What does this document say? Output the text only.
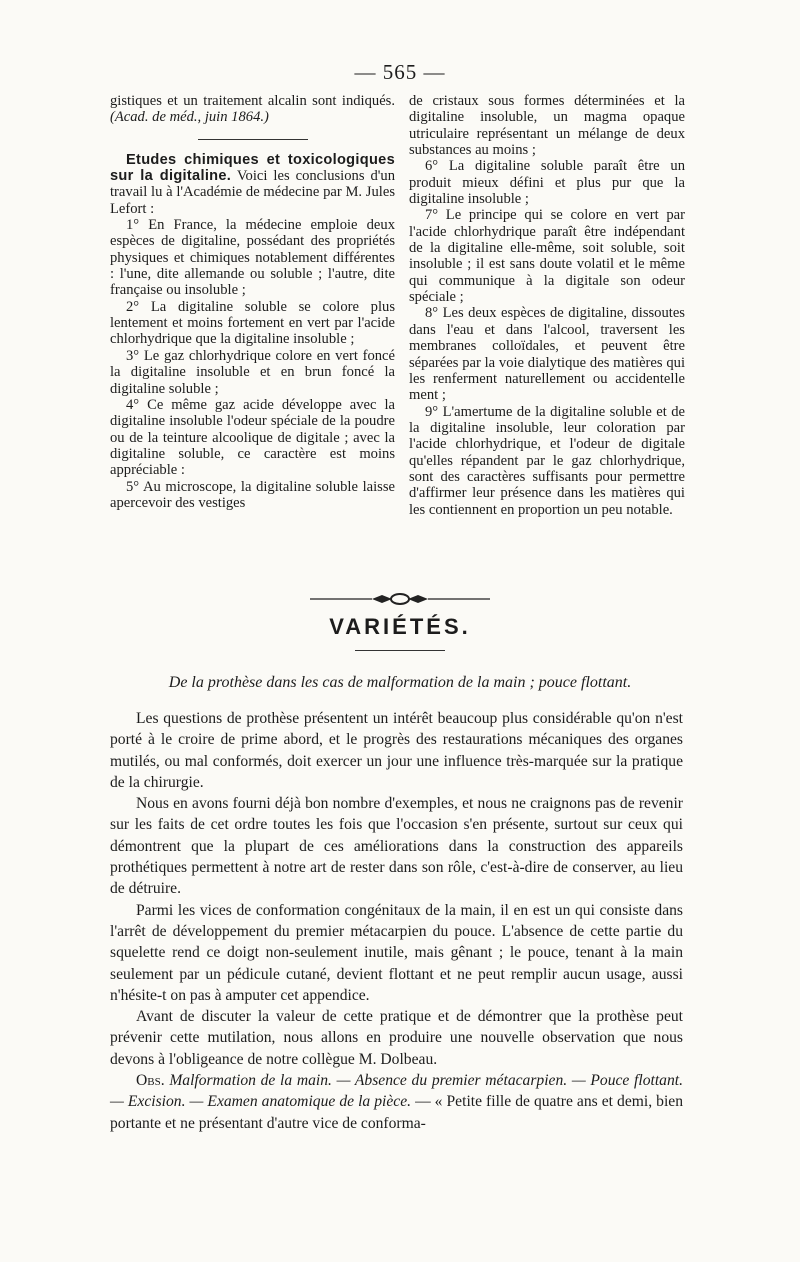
— 565 —

gistiques et un traitement alcalin sont indiqués. (Acad. de méd., juin 1864.)

Etudes chimiques et toxicologiques sur la digitaline. Voici les conclusions d'un travail lu à l'Académie de médecine par M. Jules Lefort :

1° En France, la médecine emploie deux espèces de digitaline, possédant des propriétés physiques et chimiques notablement différentes : l'une, dite allemande ou soluble ; l'autre, dite française ou insoluble ;

2° La digitaline soluble se colore plus lentement et moins fortement en vert par l'acide chlorhydrique que la digitaline insoluble ;

3° Le gaz chlorhydrique colore en vert foncé la digitaline insoluble et en brun foncé la digitaline soluble ;

4° Ce même gaz acide développe avec la digitaline insoluble l'odeur spéciale de la poudre ou de la teinture alcoolique de digitale ; avec la digitaline soluble, ce caractère est moins appréciable :

5° Au microscope, la digitaline soluble laisse apercevoir des vestiges

de cristaux sous formes déterminées et la digitaline insoluble, un magma opaque utriculaire représentant un mélange de deux substances au moins ;

6° La digitaline soluble paraît être un produit mieux défini et plus pur que la digitaline insoluble ;

7° Le principe qui se colore en vert par l'acide chlorhydrique paraît être indépendant de la digitaline elle-même, soit soluble, soit insoluble ; il est sans doute volatil et le même qui communique à la digitale son odeur spéciale ;

8° Les deux espèces de digitaline, dissoutes dans l'eau et dans l'alcool, traversent les membranes colloïdales, et peuvent être séparées par la voie dialytique des matières qui les renferment naturellement ou accidentelle ment ;

9° L'amertume de la digitaline soluble et de la digitaline insoluble, leur coloration par l'acide chlorhydrique, et l'odeur de digitale qu'elles répandent par le gaz chlorhydrique, sont des caractères suffisants pour permettre d'affirmer leur présence dans les matières qui les contiennent en proportion un peu notable.

VARIÉTÉS.
De la prothèse dans les cas de malformation de la main ; pouce flottant.

Les questions de prothèse présentent un intérêt beaucoup plus considérable qu'on n'est porté à le croire de prime abord, et le progrès des restaurations mécaniques des organes mutilés, ou mal conformés, doit exercer un jour une influence très-marquée sur la pratique de la chirurgie.

Nous en avons fourni déjà bon nombre d'exemples, et nous ne craignons pas de revenir sur les faits de cet ordre toutes les fois que l'occasion s'en présente, surtout sur ceux qui démontrent que la plupart de ces améliorations dans la construction des appareils prothétiques permettent à notre art de rester dans son rôle, c'est-à-dire de conserver, au lieu de détruire.

Parmi les vices de conformation congénitaux de la main, il en est un qui consiste dans l'arrêt de développement du premier métacarpien du pouce. L'absence de cette partie du squelette rend ce doigt non-seulement inutile, mais gênant ; le pouce, tenant à la main seulement par un pédicule cutané, devient flottant et ne peut remplir aucun usage, aussi n'hésite-t on pas à amputer cet appendice.

Avant de discuter la valeur de cette pratique et de démontrer que la prothèse peut prévenir cette mutilation, nous allons en produire une nouvelle observation que nous devons à l'obligeance de notre collègue M. Dolbeau.

Obs. Malformation de la main. — Absence du premier métacarpien. — Pouce flottant. — Excision. — Examen anatomique de la pièce. — « Petite fille de quatre ans et demi, bien portante et ne présentant d'autre vice de conforma-
